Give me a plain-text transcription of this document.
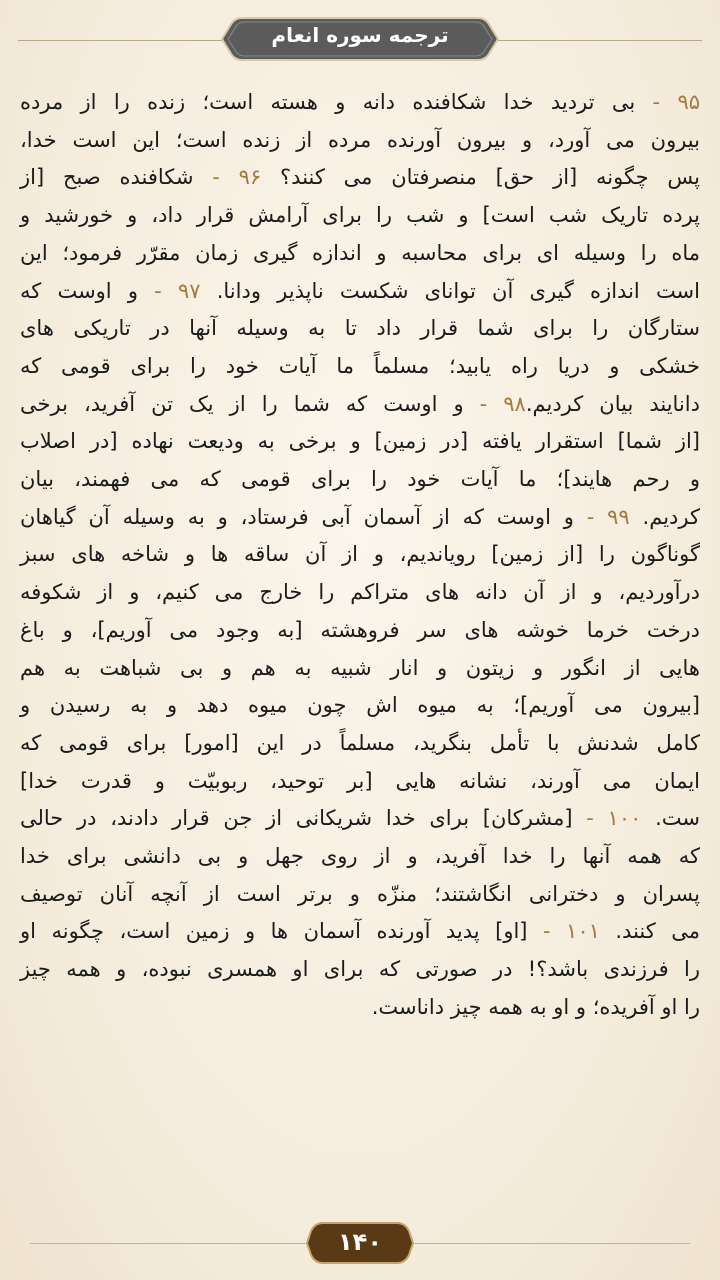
ترجمه سوره انعام
۹۵ - بی تردید خدا شکافنده دانه و هسته است؛ زنده را از مرده
بیرون می آورد، و بیرون آورنده مرده از زنده است؛ این است خدا،
پس چگونه [از حق] منصرفتان می کنند؟ ۹۶ - شکافنده صبح [از
پرده تاریک شب است] و شب را برای آرامش قرار داد، و خورشید و
ماه را وسیله ای برای محاسبه و اندازه گیری زمان مقرّر فرمود؛ این
است اندازه گیری آن توانای شکست ناپذیر ودانا. ۹۷ - و اوست که
ستارگان را برای شما قرار داد تا به وسیله آنها در تاریکی های
خشکی و دریا راه یابید؛ مسلماً ما آیات خود را برای قومی که
دانایند بیان کردیم.۹۸ - و اوست که شما را از یک تن آفرید، برخی
[از شما] استقرار یافته [در زمین] و برخی به ودیعت نهاده [در اصلاب
و رحم هایند]؛ ما آیات خود را برای قومی که می فهمند، بیان
کردیم. ۹۹ - و اوست که از آسمان آبی فرستاد، و به وسیله آن گیاهان
گوناگون را [از زمین] رویاندیم، و از آن ساقه ها و شاخه های سبز
درآوردیم، و از آن دانه های متراکم را خارج می کنیم، و از شکوفه
درخت خرما خوشه های سر فروهشته [به وجود می آوریم]، و باغ
هایی از انگور و زیتون و انار شبیه به هم و بی شباهت به هم
[بیرون می آوریم]؛ به میوه اش چون میوه دهد و به رسیدن و
کامل شدنش با تأمل بنگرید، مسلماً در این [امور] برای قومی که
ایمان می آورند، نشانه هایی [بر توحید، ربوبیّت و قدرت خدا]
ست. ۱۰۰ - [مشرکان] برای خدا شریکانی از جن قرار دادند، در حالی
که همه آنها را خدا آفرید، و از روی جهل و بی دانشی برای خدا
پسران و دخترانی انگاشتند؛ منزّه و برتر است از آنچه آنان توصیف
می کنند. ۱۰۱ - [او] پدید آورنده آسمان ها و زمین است، چگونه او
را فرزندی باشد؟! در صورتی که برای او همسری نبوده، و همه چیز
را او آفریده؛ و او به همه چیز داناست.
۱۴۰
